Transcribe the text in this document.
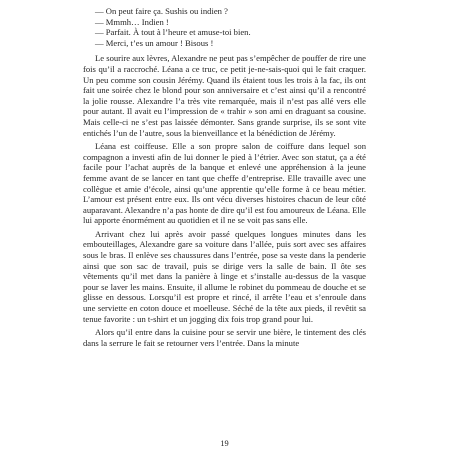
— On peut faire ça. Sushis ou indien ?
— Mmmh… Indien !
— Parfait. À tout à l’heure et amuse-toi bien.
— Merci, t’es un amour ! Bisous !

Le sourire aux lèvres, Alexandre ne peut pas s’empêcher de pouffer de rire une fois qu’il a raccroché. Léana a ce truc, ce petit je-ne-sais-quoi qui le fait craquer. Un peu comme son cousin Jérémy. Quand ils étaient tous les trois à la fac, ils ont fait une soirée chez le blond pour son anniversaire et c’est ainsi qu’il a rencontré la jolie rousse. Alexandre l’a très vite remarquée, mais il n’est pas allé vers elle pour autant. Il avait eu l’impression de « trahir » son ami en draguant sa cousine. Mais celle-ci ne s’est pas laissée démonter. Sans grande surprise, ils se sont vite entichés l’un de l’autre, sous la bienveillance et la bénédiction de Jérémy.

Léana est coiffeuse. Elle a son propre salon de coiffure dans lequel son compagnon a investi afin de lui donner le pied à l’étrier. Avec son statut, ça a été facile pour l’achat auprès de la banque et enlevé une appréhension à la jeune femme avant de se lancer en tant que cheffe d’entreprise. Elle travaille avec une collègue et amie d’école, ainsi qu’une apprentie qu’elle forme à ce beau métier. L’amour est présent entre eux. Ils ont vécu diverses histoires chacun de leur côté auparavant. Alexandre n’a pas honte de dire qu’il est fou amoureux de Léana. Elle lui apporte énormément au quotidien et il ne se voit pas sans elle.

Arrivant chez lui après avoir passé quelques longues minutes dans les embouteillages, Alexandre gare sa voiture dans l’allée, puis sort avec ses affaires sous le bras. Il enlève ses chaussures dans l’entrée, pose sa veste dans la penderie ainsi que son sac de travail, puis se dirige vers la salle de bain. Il ôte ses vêtements qu’il met dans la panière à linge et s’installe au-dessus de la vasque pour se laver les mains. Ensuite, il allume le robinet du pommeau de douche et se glisse en dessous. Lorsqu’il est propre et rincé, il arrête l’eau et s’enroule dans une serviette en coton douce et moelleuse. Séché de la tête aux pieds, il revêtit sa tenue favorite : un t-shirt et un jogging dix fois trop grand pour lui.

Alors qu’il entre dans la cuisine pour se servir une bière, le tintement des clés dans la serrure le fait se retourner vers l’entrée. Dans la minute

19
